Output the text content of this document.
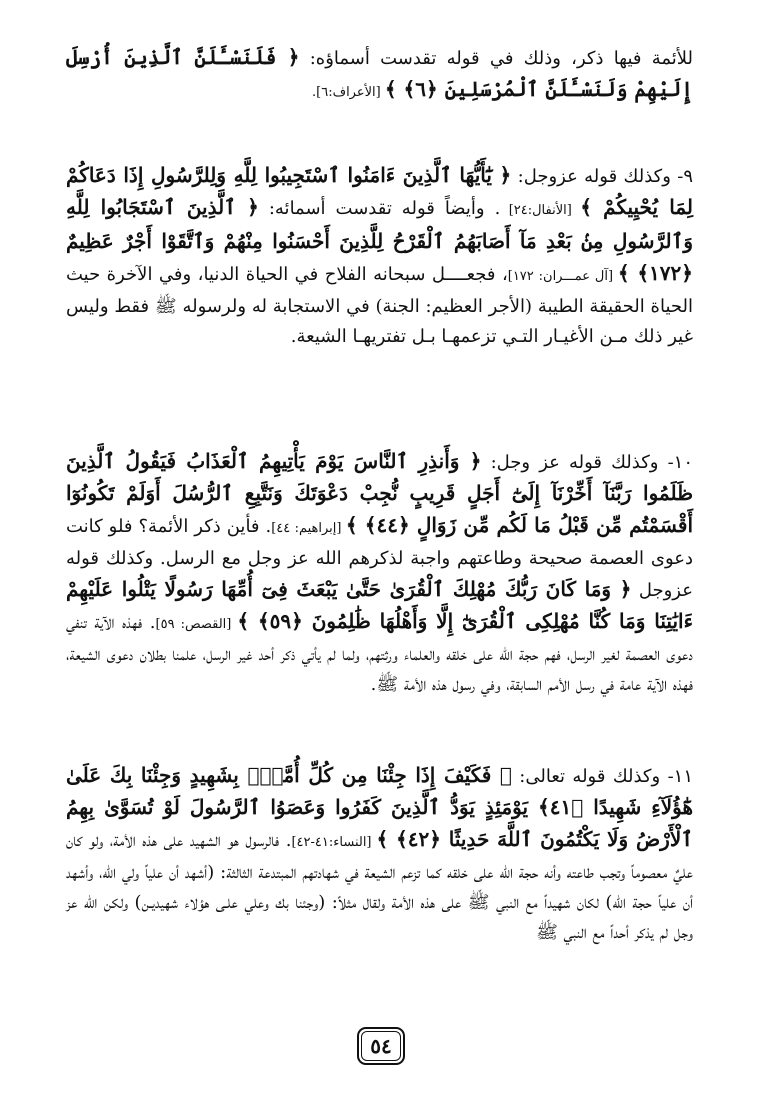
للأئمة فيها ذكر، وذلك في قوله تقدست أسماؤه: ﴿ فَلَنَسْـَٔلَنَّ ٱلَّذِينَ أُرْسِلَ إِلَيْهِمْ وَلَنَسْـَٔلَنَّ ٱلْمُرْسَلِينَ ﴿٦﴾ ﴾ [الأعراف:٦].

٩- وكذلك قوله عزوجل: ﴿ يَٰٓأَيُّهَا ٱلَّذِينَ ءَامَنُوا ٱسْتَجِيبُوا لِلَّهِ وَلِلرَّسُولِ إِذَا دَعَاكُمْ لِمَا يُحْيِيكُمْ ﴾ [الأنفال:٢٤] . وأيضاً قوله تقدست أسمائه: ﴿ ٱلَّذِينَ ٱسْتَجَابُوا لِلَّهِ وَٱلرَّسُولِ مِنۢ بَعْدِ مَآ أَصَابَهُمُ ٱلْقَرْحُ لِلَّذِينَ أَحْسَنُوا مِنْهُمْ وَٱتَّقَوْا أَجْرٌ عَظِيمٌ ﴿١٧٢﴾ ﴾ [آل عمـــران: ١٧٢]، فجعــــل سبحانه الفلاح في الحياة الدنيا، وفي الآخرة حيث الحياة الحقيقة الطيبة (الأجر العظيم: الجنة) في الاستجابة له ولرسوله ﷺ فقط وليس غير ذلك مـن الأغيـار التـي تزعمهـا بـل تفتريهـا الشيعة.

١٠- وكذلك قوله عز وجل: ﴿ وَأَنذِرِ ٱلنَّاسَ يَوْمَ يَأْتِيهِمُ ٱلْعَذَابُ فَيَقُولُ ٱلَّذِينَ ظَلَمُوا رَبَّنَآ أَخِّرْنَآ إِلَىٰٓ أَجَلٍ قَرِيبٍ نُّجِبْ دَعْوَتَكَ وَنَتَّبِعِ ٱلرُّسُلَ أَوَلَمْ تَكُونُوٓا أَقْسَمْتُم مِّن قَبْلُ مَا لَكُم مِّن زَوَالٍ ﴿٤٤﴾ ﴾ [إبراهيم: ٤٤]. فأين ذكر الأئمة؟ فلو كانت دعوى العصمة صحيحة وطاعتهم واجبة لذكرهم الله عز وجل مع الرسل. وكذلك قوله عزوجل ﴿ وَمَا كَانَ رَبُّكَ مُهْلِكَ ٱلْقُرَىٰ حَتَّىٰ يَبْعَثَ فِىٓ أُمِّهَا رَسُولًا يَتْلُوا عَلَيْهِمْ ءَايَٰتِنَا وَمَا كُنَّا مُهْلِكِى ٱلْقُرَىٰٓ إِلَّا وَأَهْلُهَا ظَٰلِمُونَ ﴿٥٩﴾ ﴾ [القصص: ٥٩]. فهذه الآية تنفي دعوى العصمة لغير الرسل، فهم حجة الله على خلقه والعلماء ورثتهم، ولما لم يأتي ذكر أحد غير الرسل، علمنا بطلان دعوى الشيعة، فهذه الآية عامة في رسل الأمم السابقة، وفي رسول هذه الأمة ﷺ.

١١- وكذلك قوله تعالى: ﴿ فَكَيْفَ إِذَا جِئْنَا مِن كُلِّ أُمَّةٍۭ بِشَهِيدٍ وَجِئْنَا بِكَ عَلَىٰ هَٰٓؤُلَآءِ شَهِيدًا ﴿٤١﴾ يَوْمَئِذٍ يَوَدُّ ٱلَّذِينَ كَفَرُوا وَعَصَوُا ٱلرَّسُولَ لَوْ تُسَوَّىٰ بِهِمُ ٱلْأَرْضُ وَلَا يَكْتُمُونَ ٱللَّهَ حَدِيثًا ﴿٤٢﴾ ﴾ [النساء:٤١-٤٢]. فالرسول هو الشهيد على هذه الأمة، ولو كان عليٌ معصوماً وتجب طاعته وأنه حجة الله على خلقه كما تزعم الشيعة في شهادتهم المبتدعة الثالثة: (أشهد أن علياً ولي الله، وأشهد أن علياً حجة الله) لكان شهيداً مع النبي ﷺ على هذه الأمة ولقال مثلاً: (وجئنا بك وعلي علـى هؤلاء شهيديـن) ولكن الله عز وجل لم يذكر أحداً مع النبي ﷺ

٥٤
